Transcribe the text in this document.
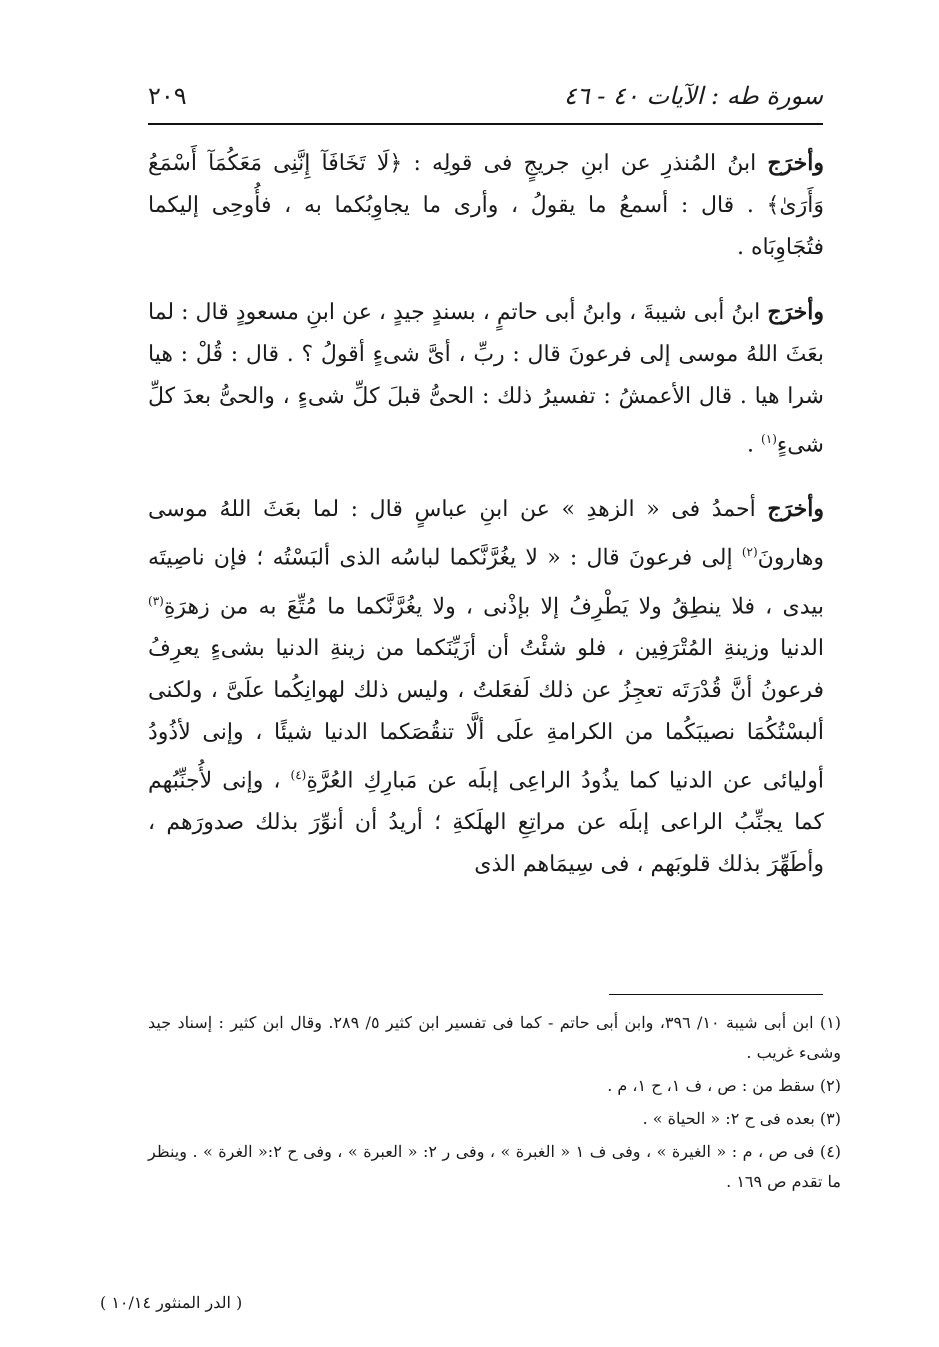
سورة طه : الآيات ٤٠ - ٤٦
٢٠٩

وأخرَج ابنُ المُنذرِ عن ابنِ جريجٍ فى قولِه : ﴿لَا تَخَافَآ إِنَّنِى مَعَكُمَآ أَسْمَعُ وَأَرَىٰ﴾ . قال : أسمعُ ما يقولُ ، وأرى ما يجاوِبُكما به ، فأُوحِى إليكما فتُجَاوِبَاه .

وأخرَج ابنُ أبى شيبةَ ، وابنُ أبى حاتمٍ ، بسندٍ جيدٍ ، عن ابنِ مسعودٍ قال : لما بعَثَ اللهُ موسى إلى فرعونَ قال : ربِّ ، أىَّ شىءٍ أقولُ ؟ . قال : قُلْ : هيا شرا هيا . قال الأعمشُ : تفسيرُ ذلك : الحىُّ قبلَ كلِّ شىءٍ ، والحىُّ بعدَ كلِّ شىءٍ$^{(١)}$ .

وأخرَج أحمدُ فى « الزهدِ » عن ابنِ عباسٍ قال : لما بعَثَ اللهُ موسى وهارونَ$^{(٢)}$ إلى فرعونَ قال : « لا يغُرَّنَّكما لباسُه الذى ألبَسْتُه ؛ فإن ناصِيتَه بيدى ، فلا ينطِقُ ولا يَطْرِفُ إلا بإذْنى ، ولا يغُرَّنَّكما ما مُتِّعَ به من زهرَةِ$^{(٣)}$ الدنيا وزينةِ المُتْرَفِين ، فلو شئْتُ أن أزَيِّنَكما من زينةِ الدنيا بشىءٍ يعرِفُ فرعونُ أنَّ قُدْرَتَه تعجِزُ عن ذلك لَفعَلتُ ، وليس ذلك لهوانِكُما علَىَّ ، ولكنى ألبسْتُكُمَا نصيبَكُما من الكرامةِ علَى ألَّا تنقُصَكما الدنيا شيئًا ، وإنى لأذُودُ أوليائى عن الدنيا كما يذُودُ الراعِى إبلَه عن مَبارِكِ العُرَّةِ$^{(٤)}$ ، وإنى لأُجنِّبُهم كما يجنِّبُ الراعى إبلَه عن مراتِعِ الهلَكةِ ؛ أريدُ أن أنوِّرَ بذلك صدورَهم ، وأطَهِّرَ بذلك قلوبَهم ، فى سِيمَاهم الذى

(١) ابن أبى شيبة ١٠/ ٣٩٦، وابن أبى حاتم - كما فى تفسير ابن كثير ٥/ ٢٨٩. وقال ابن كثير : إسناد جيد وشىء غريب .

(٢) سقط من : ص ، ف ١، ح ١، م .

(٣) بعده فى ح ٢: « الحياة » .

(٤) فى ص ، م : « الغيرة » ، وفى ف ١ « الغبرة » ، وفى ر ٢: « العبرة » ، وفى ح ٢:« الغرة » . وينظر ما تقدم ص ١٦٩ .

( الدر المنثور ١٠/١٤ )
